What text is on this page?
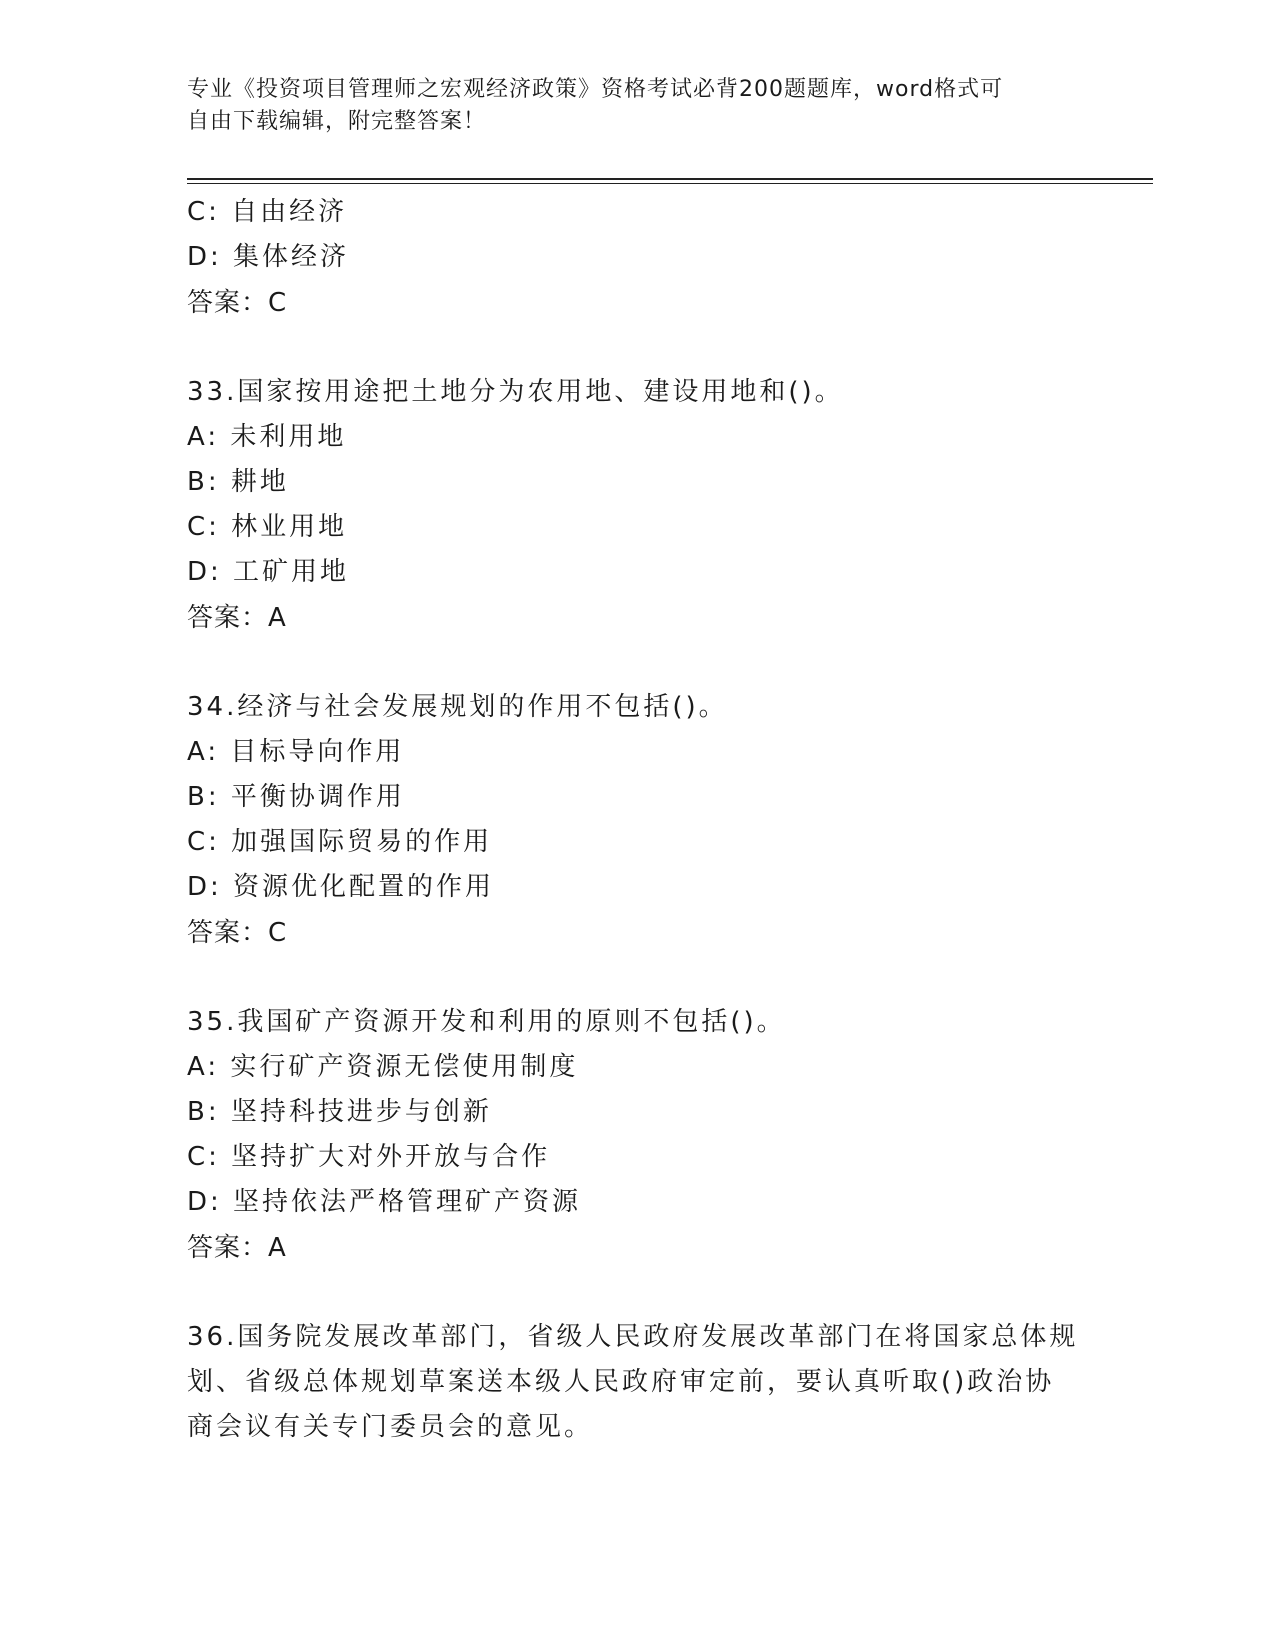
专业《投资项目管理师之宏观经济政策》资格考试必背200题题库，word格式可
自由下载编辑，附完整答案！
C: 自由经济
D: 集体经济
答案：C
33.国家按用途把土地分为农用地、建设用地和()。
A: 未利用地
B: 耕地
C: 林业用地
D: 工矿用地
答案：A
34.经济与社会发展规划的作用不包括()。
A: 目标导向作用
B: 平衡协调作用
C: 加强国际贸易的作用
D: 资源优化配置的作用
答案：C
35.我国矿产资源开发和利用的原则不包括()。
A: 实行矿产资源无偿使用制度
B: 坚持科技进步与创新
C: 坚持扩大对外开放与合作
D: 坚持依法严格管理矿产资源
答案：A
36.国务院发展改革部门，省级人民政府发展改革部门在将国家总体规
划、省级总体规划草案送本级人民政府审定前，要认真听取()政治协
商会议有关专门委员会的意见。
